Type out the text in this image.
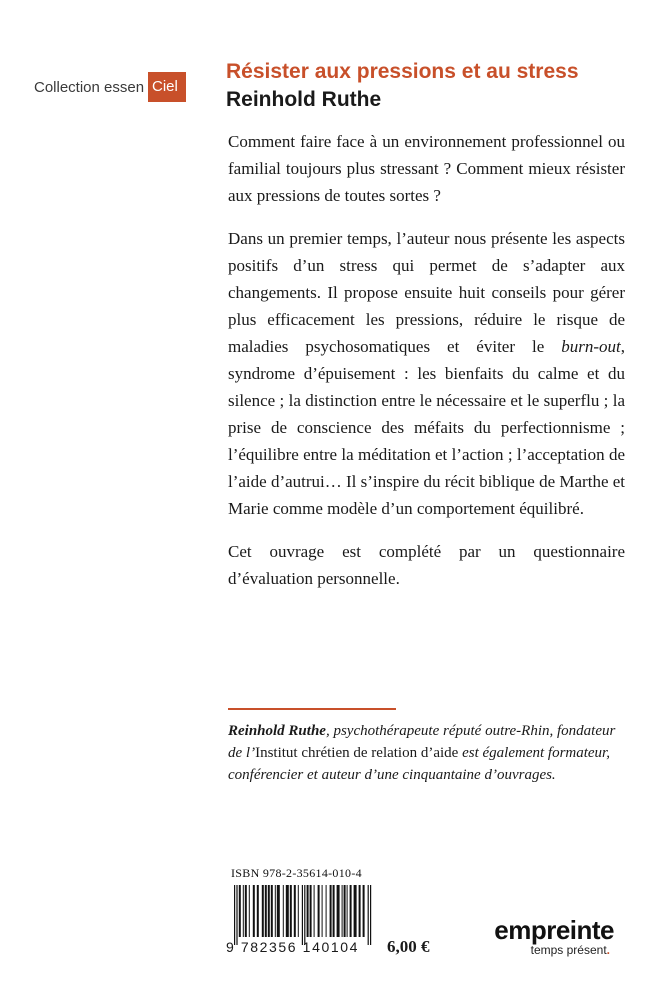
Collection essen Ciel
Résister aux pressions et au stress
Reinhold Ruthe

Comment faire face à un environnement professionnel ou familial toujours plus stressant ? Comment mieux résister aux pressions de toutes sortes ?

Dans un premier temps, l’auteur nous présente les aspects positifs d’un stress qui permet de s’adapter aux changements. Il propose ensuite huit conseils pour gérer plus efficacement les pressions, réduire le risque de maladies psychosomatiques et éviter le burn-out, syndrome d’épuisement : les bienfaits du calme et du silence ; la distinction entre le nécessaire et le superflu ; la prise de conscience des méfaits du perfectionnisme ; l’équilibre entre la méditation et l’action ; l’acceptation de l’aide d’autrui… Il s’inspire du récit biblique de Marthe et Marie comme modèle d’un comportement équilibré.

Cet ouvrage est complété par un questionnaire d’évaluation personnelle.

Reinhold Ruthe, psychothérapeute réputé outre-Rhin, fondateur de l’Institut chrétien de relation d’aide est également formateur, conférencier et auteur d’une cinquantaine d’ouvrages.

ISBN 978-2-35614-010-4
9 782356 140104	6,00 €
empreinte
temps présent.
